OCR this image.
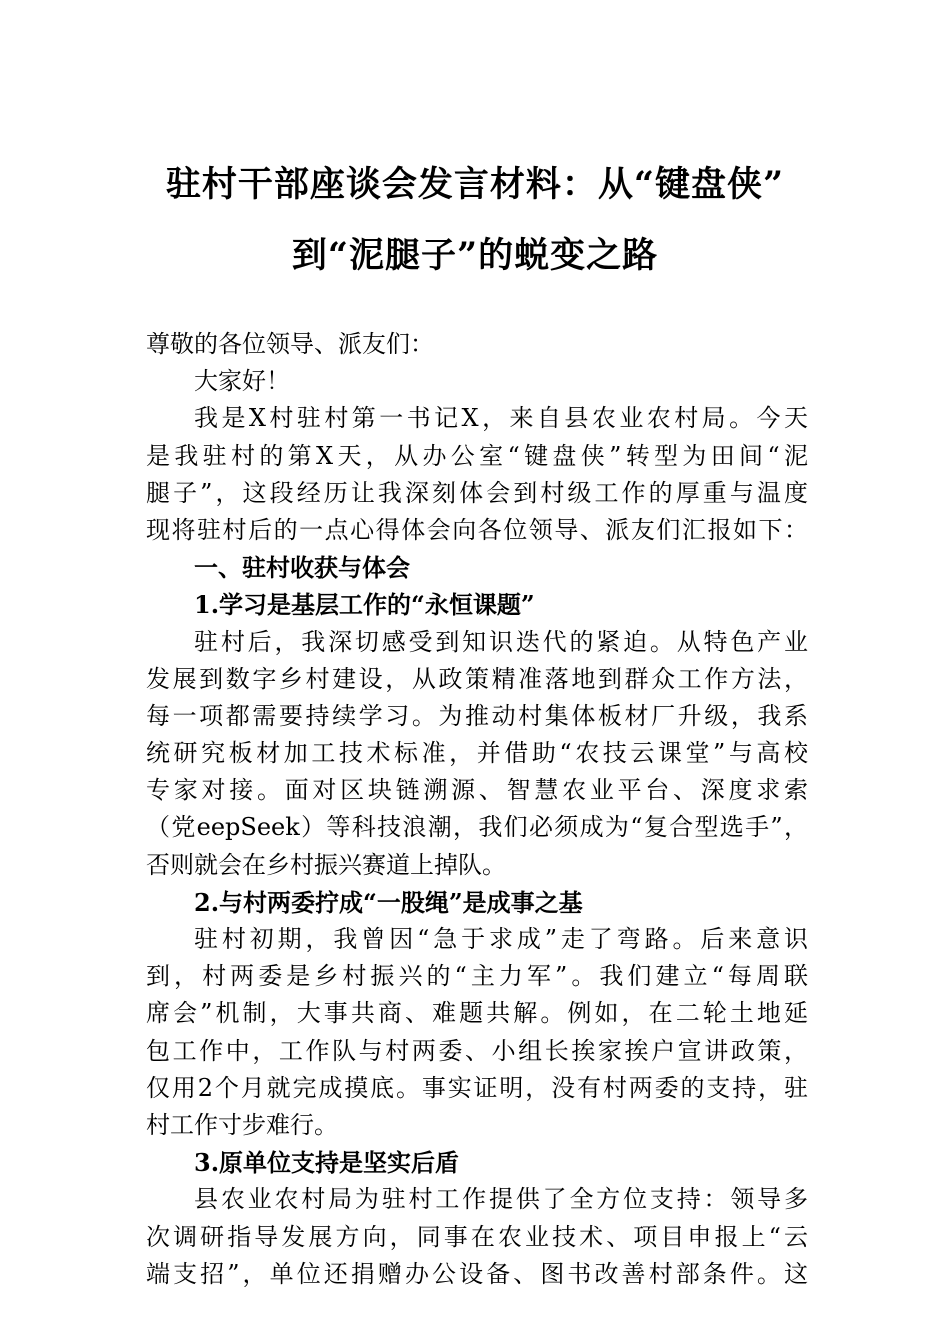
驻村干部座谈会发言材料：从“键盘侠”
到“泥腿子”的蜕变之路
尊敬的各位领导、派友们：
大家好！
我是X村驻村第一书记X，来自县农业农村局。今天
是我驻村的第X天，从办公室“键盘侠”转型为田间“泥
腿子”，这段经历让我深刻体会到村级工作的厚重与温度
现将驻村后的一点心得体会向各位领导、派友们汇报如下：
一、驻村收获与体会
1.学习是基层工作的“永恒课题”
驻村后，我深切感受到知识迭代的紧迫。从特色产业
发展到数字乡村建设，从政策精准落地到群众工作方法，
每一项都需要持续学习。为推动村集体板材厂升级，我系
统研究板材加工技术标准，并借助“农技云课堂”与高校
专家对接。面对区块链溯源、智慧农业平台、深度求索
（党eepSeek）等科技浪潮，我们必须成为“复合型选手”，
否则就会在乡村振兴赛道上掉队。
2.与村两委拧成“一股绳”是成事之基
驻村初期，我曾因“急于求成”走了弯路。后来意识
到，村两委是乡村振兴的“主力军”。我们建立“每周联
席会”机制，大事共商、难题共解。例如，在二轮土地延
包工作中，工作队与村两委、小组长挨家挨户宣讲政策，
仅用2个月就完成摸底。事实证明，没有村两委的支持，驻
村工作寸步难行。
3.原单位支持是坚实后盾
县农业农村局为驻村工作提供了全方位支持：领导多
次调研指导发展方向，同事在农业技术、项目申报上“云
端支招”，单位还捐赠办公设备、图书改善村部条件。这
